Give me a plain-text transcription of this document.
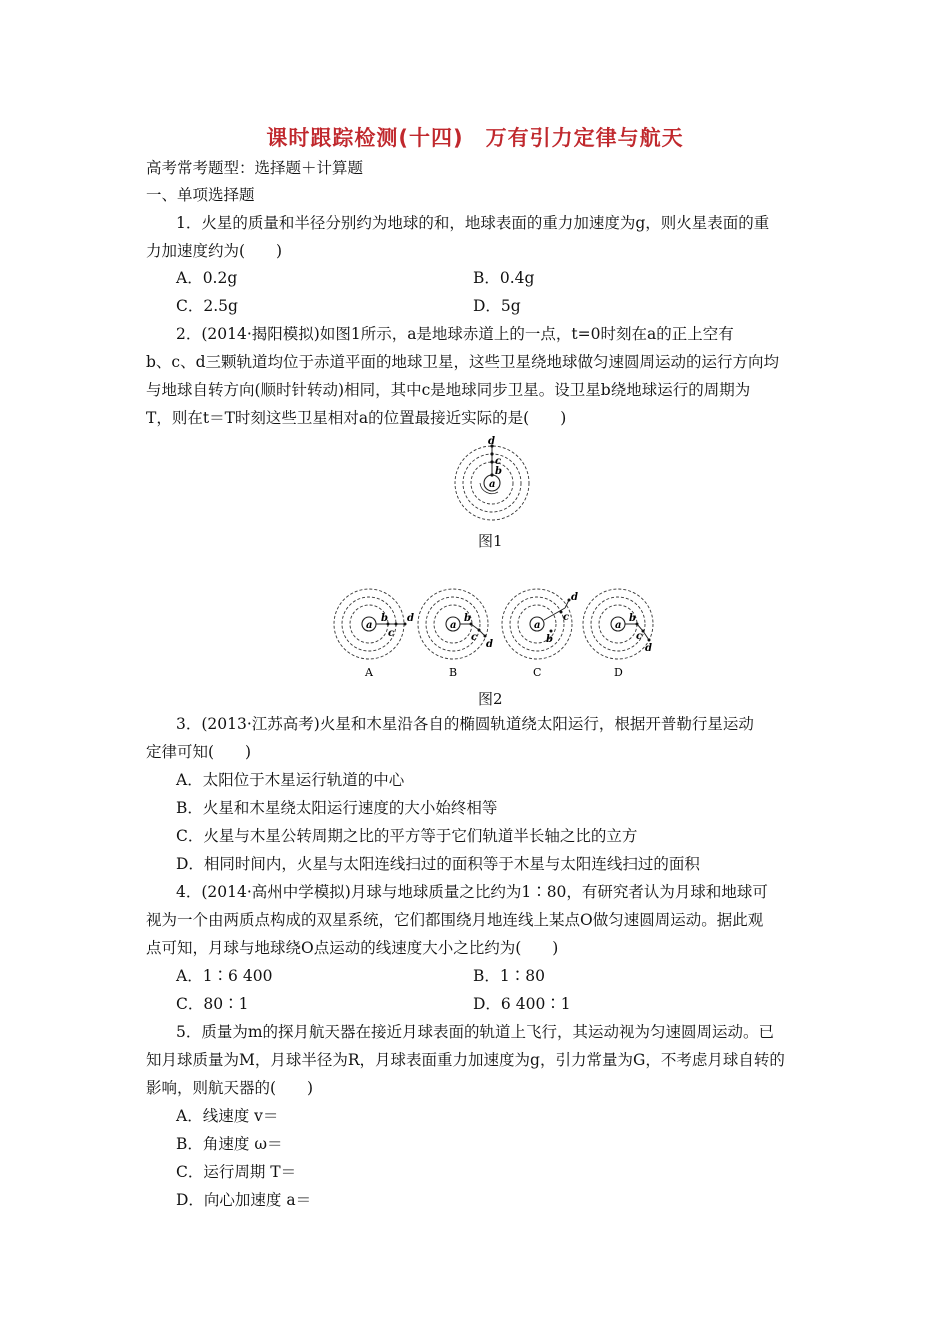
课时跟踪检测(十四) 万有引力定律与航天
高考常考题型：选择题＋计算题
一、单项选择题
1．火星的质量和半径分别约为地球的和，地球表面的重力加速度为g，则火星表面的重
力加速度约为(　　)
A．0.2g	B．0.4g
C．2.5g	D．5g
2．(2014·揭阳模拟)如图1所示，a是地球赤道上的一点，t=0时刻在a的正上空有
b、c、d三颗轨道均位于赤道平面的地球卫星，这些卫星绕地球做匀速圆周运动的运行方向均
与地球自转方向(顺时针转动)相同，其中c是地球同步卫星。设卫星b绕地球运行的周期为
T，则在t＝T时刻这些卫星相对a的位置最接近实际的是(　　)
a
b
c
d
图1
a
b
c
d
a
b
c
d
a
b
c
d
a
b
c
d
A	B	C	D
图2
3．(2013·江苏高考)火星和木星沿各自的椭圆轨道绕太阳运行，根据开普勒行星运动
定律可知(　　)
A．太阳位于木星运行轨道的中心
B．火星和木星绕太阳运行速度的大小始终相等
C．火星与木星公转周期之比的平方等于它们轨道半长轴之比的立方
D．相同时间内，火星与太阳连线扫过的面积等于木星与太阳连线扫过的面积
4．(2014·高州中学模拟)月球与地球质量之比约为1∶80，有研究者认为月球和地球可
视为一个由两质点构成的双星系统，它们都围绕月地连线上某点O做匀速圆周运动。据此观
点可知，月球与地球绕O点运动的线速度大小之比约为(　　)
A．1∶6 400	B．1∶80
C．80∶1	D．6 400∶1
5．质量为m的探月航天器在接近月球表面的轨道上飞行，其运动视为匀速圆周运动。已
知月球质量为M，月球半径为R，月球表面重力加速度为g，引力常量为G，不考虑月球自转的
影响，则航天器的(　　)
A．线速度 v＝
B．角速度 ω＝
C．运行周期 T＝
D．向心加速度 a＝
